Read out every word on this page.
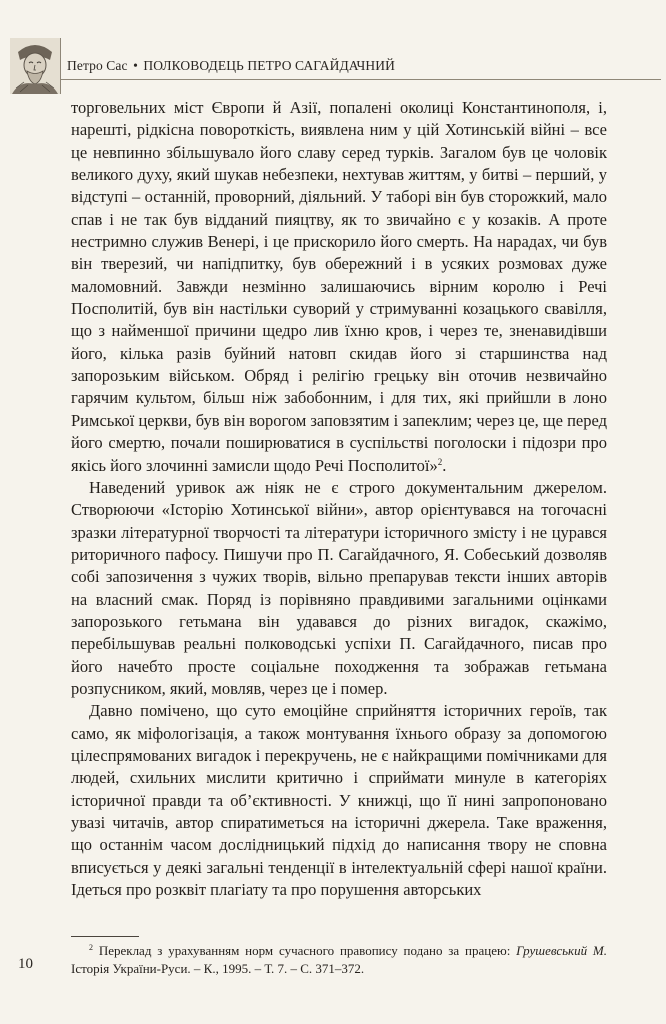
Петро Сас • ПОЛКОВОДЕЦЬ ПЕТРО САГАЙДАЧНИЙ

торговельних міст Європи й Азії, попалені околиці Константинополя, і, нарешті, рідкісна повороткість, виявлена ним у цій Хотинській війні – все це невпинно збільшувало його славу серед турків. Загалом був це чоловік великого духу, який шукав небезпеки, нехтував життям, у битві – перший, у відступі – останній, проворний, діяльний. У таборі він був сторожкий, мало спав і не так був відданий пияцтву, як то звичайно є у козаків. А проте нестримно служив Венері, і це прискорило його смерть. На нарадах, чи був він тверезий, чи напідпитку, був обережний і в усяких розмовах дуже маломовний. Завжди незмінно залишаючись вірним королю і Речі Посполитій, був він настільки суворий у стримуванні козацького свавілля, що з найменшої причини щедро лив їхню кров, і через те, зненавидівши його, кілька разів буйний натовп скидав його зі старшинства над запорозьким військом. Обряд і релігію грецьку він оточив незвичайно гарячим культом, більш ніж забобонним, і для тих, які прийшли в лоно Римської церкви, був він ворогом заповзятим і запеклим; через це, ще перед його смертю, почали поширюватися в суспільстві поголоски і підозри про якісь його злочинні замисли щодо Речі Посполитої»$^2$.

Наведений уривок аж ніяк не є строго документальним джерелом. Створюючи «Історію Хотинської війни», автор орієнтувався на тогочасні зразки літературної творчості та літератури історичного змісту і не цурався риторичного пафосу. Пишучи про П. Сагайдачного, Я. Собеський дозволяв собі запозичення з чужих творів, вільно препарував тексти інших авторів на власний смак. Поряд із порівняно правдивими загальними оцінками запорозького гетьмана він удавався до різних вигадок, скажімо, перебільшував реальні полководські успіхи П. Сагайдачного, писав про його начебто просте соціальне походження та зображав гетьмана розпусником, який, мовляв, через це і помер.

Давно помічено, що суто емоційне сприйняття історичних героїв, так само, як міфологізація, а також монтування їхнього образу за допомогою цілеспрямованих вигадок і перекручень, не є найкращими помічниками для людей, схильних мислити критично і сприймати минуле в категоріях історичної правди та об’єктивності. У книжці, що її нині запропоновано увазі читачів, автор спиратиметься на історичні джерела. Таке враження, що останнім часом дослідницький підхід до написання твору не сповна вписується у деякі загальні тенденції в інтелектуальній сфері нашої країни. Ідеться про розквіт плагіату та про порушення авторських

$^2$ Переклад з урахуванням норм сучасного правопису подано за працею: Грушевський М. Історія України-Руси. – К., 1995. – Т. 7. – С. 371–372.
10
